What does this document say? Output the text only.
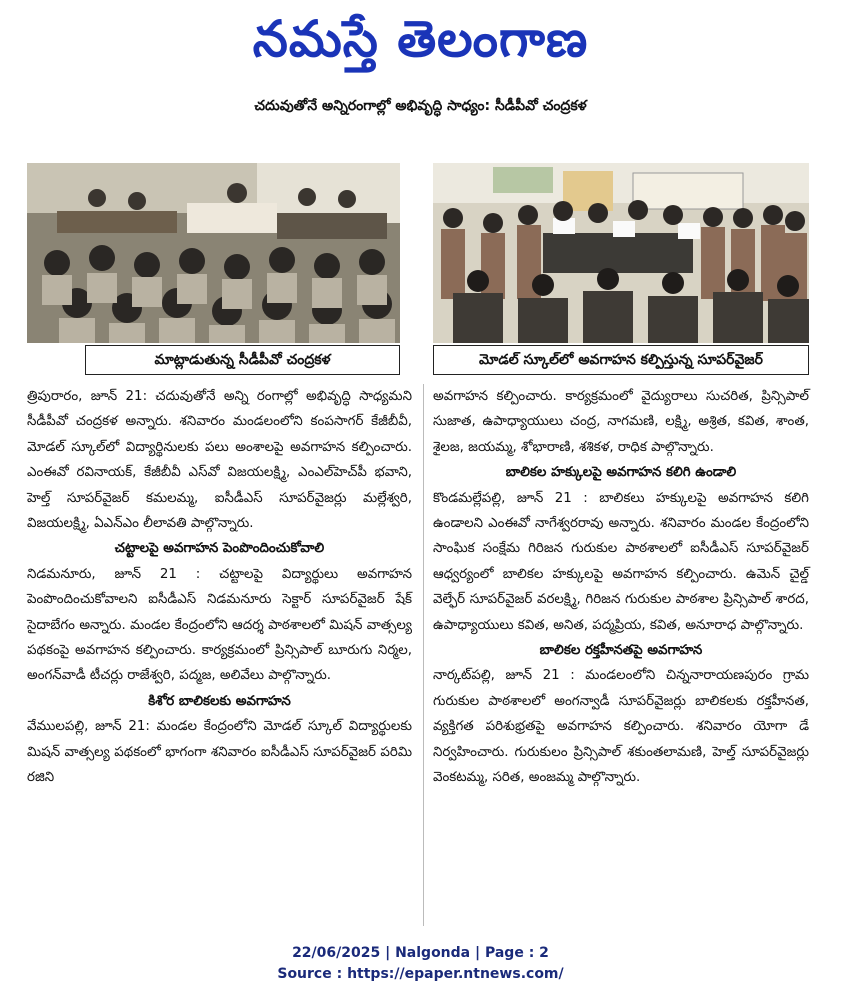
నమస్తే తెలంగాణ
చదువుతోనే అన్నిరంగాల్లో అభివృద్ధి సాధ్యం: సీడీపీవో చంద్రకళ
మాట్లాడుతున్న సీడీపీవో చంద్రకళ	మోడల్ స్కూల్‌లో అవగాహన కల్పిస్తున్న సూపర్‌వైజర్

త్రిపురారం, జూన్ 21: చదువుతోనే అన్ని రంగాల్లో అభివృద్ధి సాధ్యమని సీడీపీవో చంద్రకళ అన్నారు. శనివారం మండలంలోని కంపసాగర్ కేజీబీవీ, మోడల్ స్కూల్‌లో విద్యార్థినులకు పలు అంశాలపై అవగాహన కల్పించారు. ఎంఈవో రవినాయక్, కేజీబీవీ ఎస్‌వో విజయలక్ష్మి, ఎంఎల్‌హెచ్‌పీ భవాని, హెల్త్ సూపర్‌వైజర్ కమలమ్మ, ఐసీడీఎస్ సూపర్‌వైజర్లు మల్లేశ్వరి, విజయలక్ష్మి, ఏఎన్ఎం లీలావతి పాల్గొన్నారు.

చట్టాలపై అవగాహన పెంపొందించుకోవాలి

నిడమనూరు, జూన్ 21 : చట్టాలపై విద్యార్థులు అవగాహన పెంపొందించుకోవాలని ఐసీడీఎస్ నిడమనూరు సెక్టార్ సూపర్‌వైజర్ షేక్ సైదాబేగం అన్నారు. మండల కేంద్రంలోని ఆదర్శ పాఠశాలలో మిషన్ వాత్సల్య పథకంపై అవగాహన కల్పించారు. కార్యక్రమంలో ప్రిన్సిపాల్ బూరుగు నిర్మల, అంగన్‌వాడీ టీచర్లు రాజేశ్వరి, పద్మజ, అలివేలు పాల్గొన్నారు.

కిశోర బాలికలకు అవగాహన

వేములపల్లి, జూన్ 21: మండల కేంద్రంలోని మోడల్ స్కూల్ విద్యార్థులకు మిషన్ వాత్సల్య పథకంలో భాగంగా శనివారం ఐసీడీఎస్ సూపర్‌వైజర్ పరిమి రజిని

అవగాహన కల్పించారు. కార్యక్రమంలో వైద్యురాలు సుచరిత, ప్రిన్సిపాల్ సుజాత, ఉపాధ్యాయులు చంద్ర, నాగమణి, లక్ష్మి, అశ్రిత, కవిత, శాంత, శైలజ, జయమ్మ, శోభారాణి, శశికళ, రాధిక పాల్గొన్నారు.

బాలికల హక్కులపై అవగాహన కలిగి ఉండాలి

కొండమల్లేపల్లి, జూన్ 21 : బాలికలు హక్కులపై అవగాహన కలిగి ఉండాలని ఎంఈవో నాగేశ్వరరావు అన్నారు. శనివారం మండల కేంద్రంలోని సాంఘిక సంక్షేమ గిరిజన గురుకుల పాఠశాలలో ఐసీడీఎస్ సూపర్‌వైజర్ ఆధ్వర్యంలో బాలికల హక్కులపై అవగాహన కల్పించారు. ఉమెన్ చైల్డ్ వెల్ఫేర్ సూపర్‌వైజర్ వరలక్ష్మి, గిరిజన గురుకుల పాఠశాల ప్రిన్సిపాల్ శారద, ఉపాధ్యాయులు కవిత, అనిత, పద్మప్రియ, కవిత, అనూరాధ పాల్గొన్నారు.

బాలికల రక్తహీనతపై అవగాహన

నార్కట్‌పల్లి, జూన్ 21 : మండలంలోని చిన్ననారాయణపురం గ్రామ గురుకుల పాఠశాలలో అంగన్వాడీ సూపర్‌వైజర్లు బాలికలకు రక్తహీనత, వ్యక్తిగత పరిశుభ్రతపై అవగాహన కల్పించారు. శనివారం యోగా డే నిర్వహించారు. గురుకులం ప్రిన్సిపాల్ శకుంతలామణి, హెల్త్ సూపర్‌వైజర్లు వెంకటమ్మ, సరిత, అంజమ్మ పాల్గొన్నారు.

22/06/2025 | Nalgonda | Page : 2
Source : https://epaper.ntnews.com/
